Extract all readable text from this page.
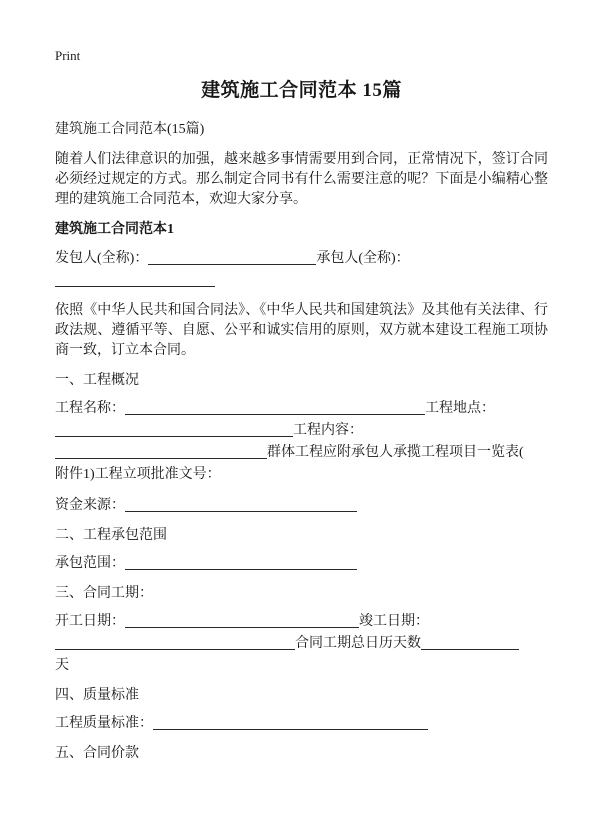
Print
建筑施工合同范本 15篇
建筑施工合同范本(15篇)
随着人们法律意识的加强，越来越多事情需要用到合同，正常情况下，签订合同必须经过规定的方式。那么制定合同书有什么需要注意的呢？下面是小编精心整理的建筑施工合同范本，欢迎大家分享。
建筑施工合同范本1
发包人(全称)：	承包人(全称)：
依照《中华人民共和国合同法》、《中华人民共和国建筑法》及其他有关法律、行政法规、遵循平等、自愿、公平和诚实信用的原则，双方就本建设工程施工项协商一致，订立本合同。
一、工程概况
工程名称：	工程地点：
工程内容：
群体工程应附承包人承揽工程项目一览表(
附件1)工程立项批准文号：
资金来源：
二、工程承包范围
承包范围：
三、合同工期：
开工日期：	竣工日期：
合同工期总日历天数
天
四、质量标准
工程质量标准：
五、合同价款
